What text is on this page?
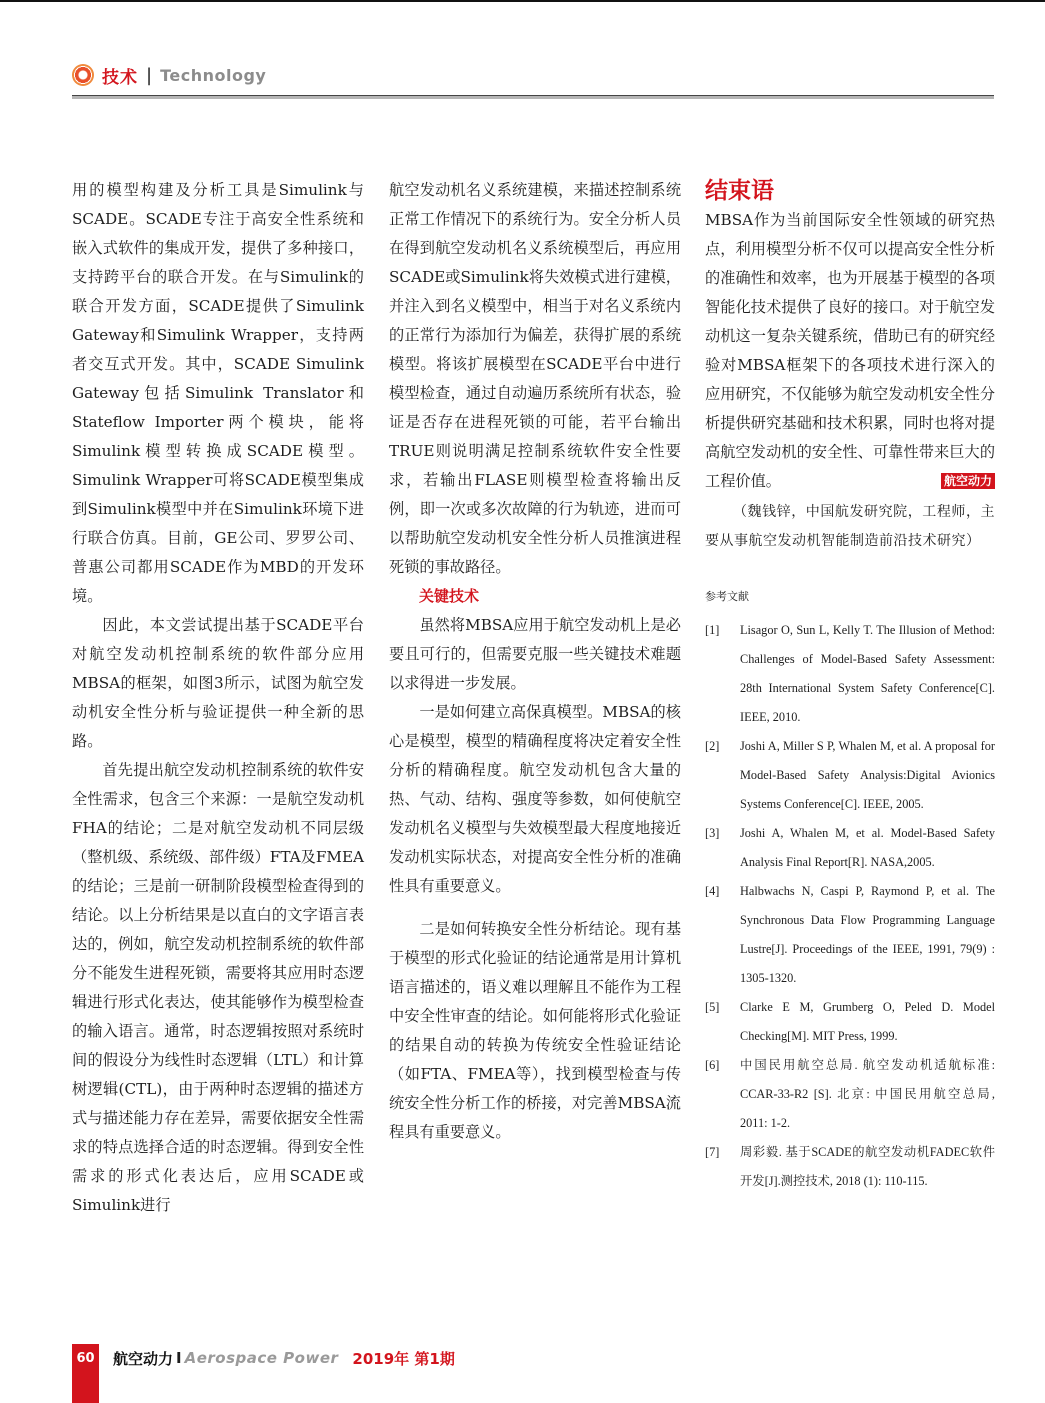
技术 | Technology

用的模型构建及分析工具是Simulink与SCADE。SCADE专注于高安全性系统和嵌入式软件的集成开发，提供了多种接口，支持跨平台的联合开发。在与Simulink的联合开发方面，SCADE提供了Simulink Gateway和Simulink Wrapper，支持两者交互式开发。其中，SCADE Simulink Gateway包括Simulink Translator和Stateflow Importer两个模块，能将Simulink模型转换成SCADE模型。Simulink Wrapper可将SCADE模型集成到Simulink模型中并在Simulink环境下进行联合仿真。目前，GE公司、罗罗公司、普惠公司都用SCADE作为MBD的开发环境。

因此，本文尝试提出基于SCADE平台对航空发动机控制系统的软件部分应用MBSA的框架，如图3所示，试图为航空发动机安全性分析与验证提供一种全新的思路。

首先提出航空发动机控制系统的软件安全性需求，包含三个来源：一是航空发动机FHA的结论；二是对航空发动机不同层级（整机级、系统级、部件级）FTA及FMEA的结论；三是前一研制阶段模型检查得到的结论。以上分析结果是以直白的文字语言表达的，例如，航空发动机控制系统的软件部分不能发生进程死锁，需要将其应用时态逻辑进行形式化表达，使其能够作为模型检查的输入语言。通常，时态逻辑按照对系统时间的假设分为线性时态逻辑（LTL）和计算树逻辑(CTL)，由于两种时态逻辑的描述方式与描述能力存在差异，需要依据安全性需求的特点选择合适的时态逻辑。得到安全性需求的形式化表达后，应用SCADE或Simulink进行

航空发动机名义系统建模，来描述控制系统正常工作情况下的系统行为。安全分析人员在得到航空发动机名义系统模型后，再应用SCADE或Simulink将失效模式进行建模，并注入到名义模型中，相当于对名义系统内的正常行为添加行为偏差，获得扩展的系统模型。将该扩展模型在SCADE平台中进行模型检查，通过自动遍历系统所有状态，验证是否存在进程死锁的可能，若平台输出TRUE则说明满足控制系统软件安全性要求，若输出FLASE则模型检查将输出反例，即一次或多次故障的行为轨迹，进而可以帮助航空发动机安全性分析人员推演进程死锁的事故路径。

关键技术

虽然将MBSA应用于航空发动机上是必要且可行的，但需要克服一些关键技术难题以求得进一步发展。

一是如何建立高保真模型。MBSA的核心是模型，模型的精确程度将决定着安全性分析的精确程度。航空发动机包含大量的热、气动、结构、强度等参数，如何使航空发动机名义模型与失效模型最大程度地接近发动机实际状态，对提高安全性分析的准确性具有重要意义。

二是如何转换安全性分析结论。现有基于模型的形式化验证的结论通常是用计算机语言描述的，语义难以理解且不能作为工程中安全性审查的结论。如何能将形式化验证的结果自动的转换为传统安全性验证结论（如FTA、FMEA等），找到模型检查与传统安全性分析工作的桥接，对完善MBSA流程具有重要意义。

结束语

MBSA作为当前国际安全性领域的研究热点，利用模型分析不仅可以提高安全性分析的准确性和效率，也为开展基于模型的各项智能化技术提供了良好的接口。对于航空发动机这一复杂关键系统，借助已有的研究经验对MBSA框架下的各项技术进行深入的应用研究，不仅能够为航空发动机安全性分析提供研究基础和技术积累，同时也将对提高航空发动机的安全性、可靠性带来巨大的工程价值。	航空动力

（魏钱锌，中国航发研究院，工程师，主要从事航空发动机智能制造前沿技术研究）

参考文献

[1]	Lisagor O, Sun L, Kelly T. The Illusion of Method: Challenges of Model-Based Safety Assessment: 28th International System Safety Conference[C]. IEEE, 2010.
[2]	Joshi A, Miller S P, Whalen M, et al. A proposal for Model-Based Safety Analysis:Digital Avionics Systems Conference[C]. IEEE, 2005.
[3]	Joshi A, Whalen M, et al. Model-Based Safety Analysis Final Report[R]. NASA,2005.
[4]	Halbwachs N, Caspi P, Raymond P, et al. The Synchronous Data Flow Programming Language Lustre[J]. Proceedings of the IEEE, 1991, 79(9) : 1305-1320.
[5]	Clarke E M, Grumberg O, Peled D. Model Checking[M]. MIT Press, 1999.
[6]	中国民用航空总局. 航空发动机适航标准: CCAR-33-R2 [S]. 北京: 中国民用航空总局, 2011: 1-2.
[7]	周彩毅. 基于SCADE的航空发动机FADEC软件开发[J].测控技术, 2018 (1): 110-115.
60 航空动力 I Aerospace Power 2019年 第1期
